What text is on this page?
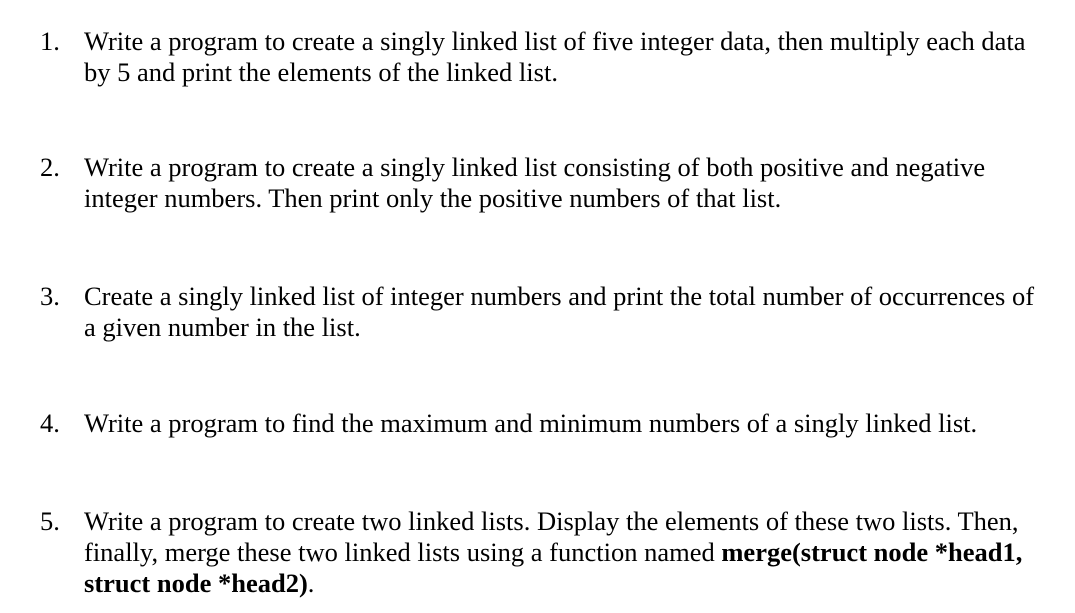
1. Write a program to create a singly linked list of five integer data, then multiply each data
by 5 and print the elements of the linked list.
2. Write a program to create a singly linked list consisting of both positive and negative
integer numbers. Then print only the positive numbers of that list.
3. Create a singly linked list of integer numbers and print the total number of occurrences of
a given number in the list.
4. Write a program to find the maximum and minimum numbers of a singly linked list.
5. Write a program to create two linked lists. Display the elements of these two lists. Then,
finally, merge these two linked lists using a function named merge(struct node *head1,
struct node *head2).
